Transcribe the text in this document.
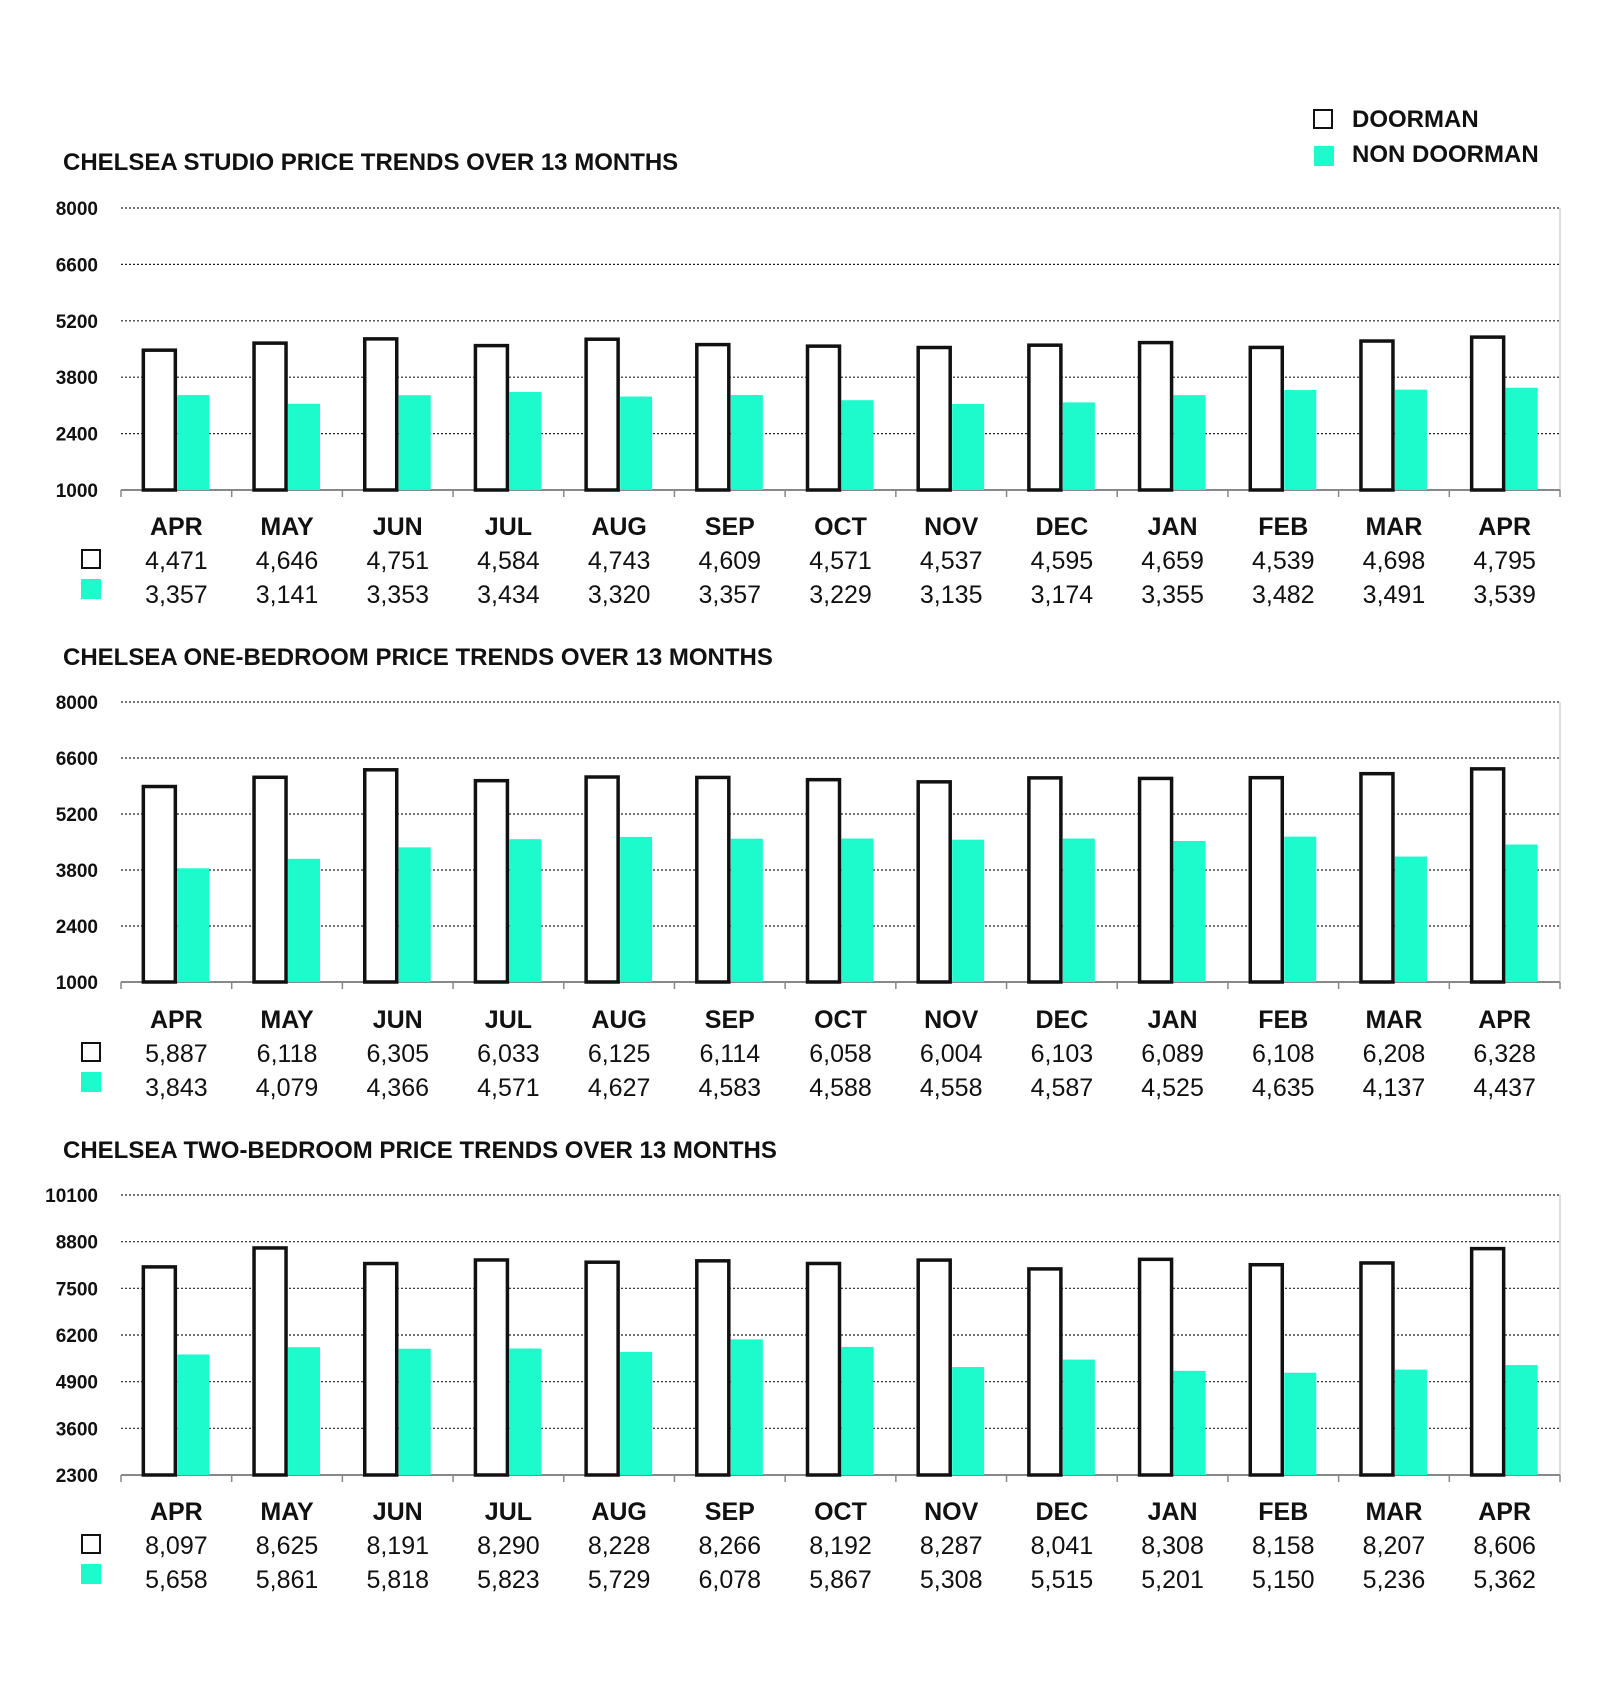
DOORMAN
NON DOORMAN
CHELSEA STUDIO PRICE TRENDS OVER 13 MONTHS
1000
2400
3800
5200
6600
8000
APR
4,471
3,357
MAY
4,646
3,141
JUN
4,751
3,353
JUL
4,584
3,434
AUG
4,743
3,320
SEP
4,609
3,357
OCT
4,571
3,229
NOV
4,537
3,135
DEC
4,595
3,174
JAN
4,659
3,355
FEB
4,539
3,482
MAR
4,698
3,491
APR
4,795
3,539
CHELSEA ONE-BEDROOM PRICE TRENDS OVER 13 MONTHS
1000
2400
3800
5200
6600
8000
APR
5,887
3,843
MAY
6,118
4,079
JUN
6,305
4,366
JUL
6,033
4,571
AUG
6,125
4,627
SEP
6,114
4,583
OCT
6,058
4,588
NOV
6,004
4,558
DEC
6,103
4,587
JAN
6,089
4,525
FEB
6,108
4,635
MAR
6,208
4,137
APR
6,328
4,437
CHELSEA TWO-BEDROOM PRICE TRENDS OVER 13 MONTHS
2300
3600
4900
6200
7500
8800
10100
APR
8,097
5,658
MAY
8,625
5,861
JUN
8,191
5,818
JUL
8,290
5,823
AUG
8,228
5,729
SEP
8,266
6,078
OCT
8,192
5,867
NOV
8,287
5,308
DEC
8,041
5,515
JAN
8,308
5,201
FEB
8,158
5,150
MAR
8,207
5,236
APR
8,606
5,362
